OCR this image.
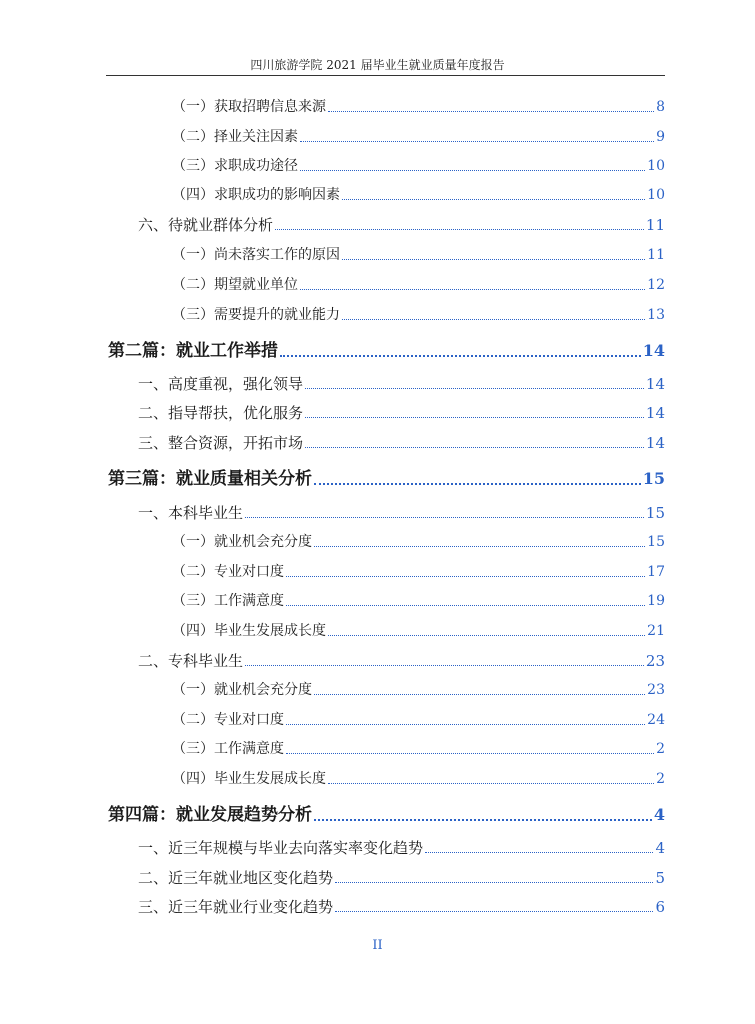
四川旅游学院 2021 届毕业生就业质量年度报告
（一）获取招聘信息来源	8
（二）择业关注因素	9
（三）求职成功途径	10
（四）求职成功的影响因素	10
六、待就业群体分析	11
（一）尚未落实工作的原因	11
（二）期望就业单位	12
（三）需要提升的就业能力	13
第二篇：就业工作举措	14
一、高度重视，强化领导	14
二、指导帮扶，优化服务	14
三、整合资源，开拓市场	14
第三篇：就业质量相关分析	15
一、本科毕业生	15
（一）就业机会充分度	15
（二）专业对口度	17
（三）工作满意度	19
（四）毕业生发展成长度	21
二、专科毕业生	23
（一）就业机会充分度	23
（二）专业对口度	24
（三）工作满意度	2
（四）毕业生发展成长度	2
第四篇：就业发展趋势分析	4
一、近三年规模与毕业去向落实率变化趋势	4
二、近三年就业地区变化趋势	5
三、近三年就业行业变化趋势	6
II
